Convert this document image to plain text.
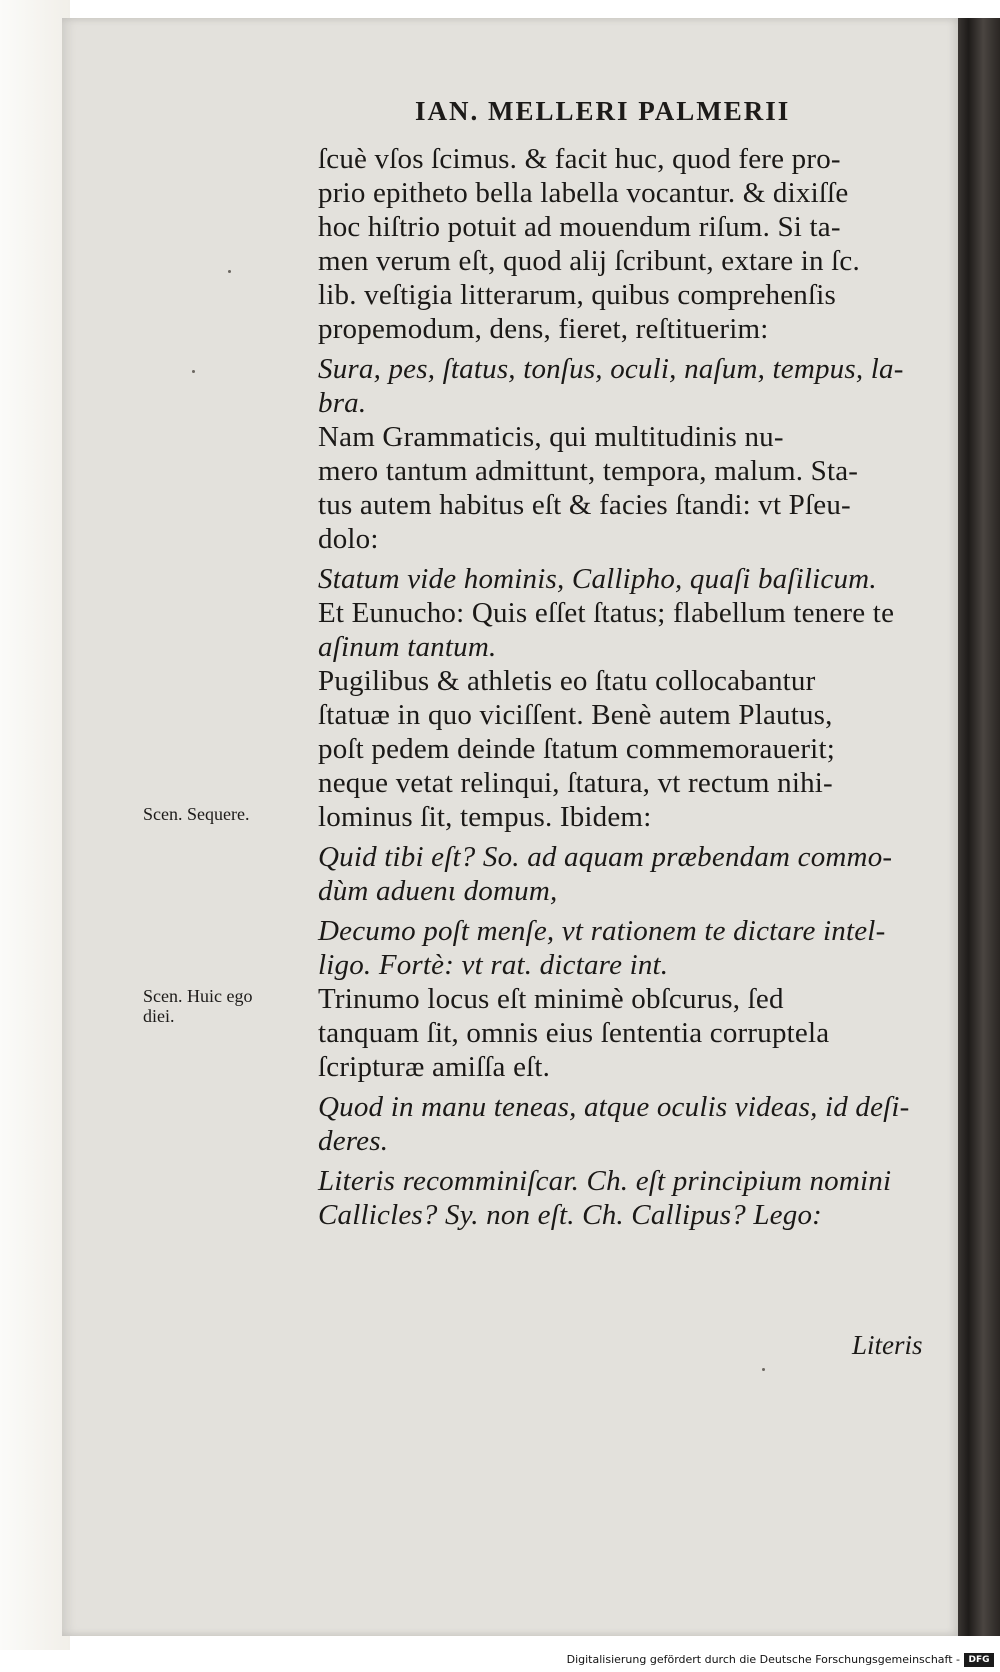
IAN. MELLERI PALMERII
ſcuè vſos ſcimus. & facit huc, quod fere pro-
prio epitheto bella labella vocantur. & dixiſſe
hoc hiſtrio potuit ad mouendum riſum. Si ta-
men verum eſt, quod alij ſcribunt, extare in ſc.
lib. veſtigia litterarum, quibus comprehenſis
propemodum, dens, fieret, reſtituerim:
Sura, pes, ſtatus, tonſus, oculi, naſum, tempus, la-
bra.
Nam Grammaticis, qui multitudinis nu-
mero tantum admittunt, tempora, malum. Sta-
tus autem habitus eſt & facies ſtandi: vt Pſeu-
dolo:
Statum vide hominis, Callipho, quaſi baſilicum.
Et Eunucho: Quis eſſet ſtatus; flabellum tenere te
aſinum tantum.
Pugilibus & athletis eo ſtatu collocabantur
ſtatuæ in quo viciſſent. Benè autem Plautus,
poſt pedem deinde ſtatum commemorauerit;
neque vetat relinqui, ſtatura, vt rectum nihi-
lominus ſit, tempus. Ibidem:
Quid tibi eſt? So. ad aquam præbendam commo-
dùm aduenι domum,
Decumo poſt menſe, vt rationem te dictare intel-
ligo. Fortè: vt rat. dictare int.
Trinumo locus eſt minimè obſcurus, ſed
tanquam ſit, omnis eius ſententia corruptela
ſcripturæ amiſſa eſt.
Quod in manu teneas, atque oculis videas, id deſi-
deres.
Literis recomminiſcar. Ch. eſt principium nomini
Callicles? Sy. non eſt. Ch. Callipus? Lego:
Scen. Sequere.
Scen. Huic ego
diei.
Literis
Digitalisierung gefördert durch die Deutsche Forschungsgemeinschaft - DFG
